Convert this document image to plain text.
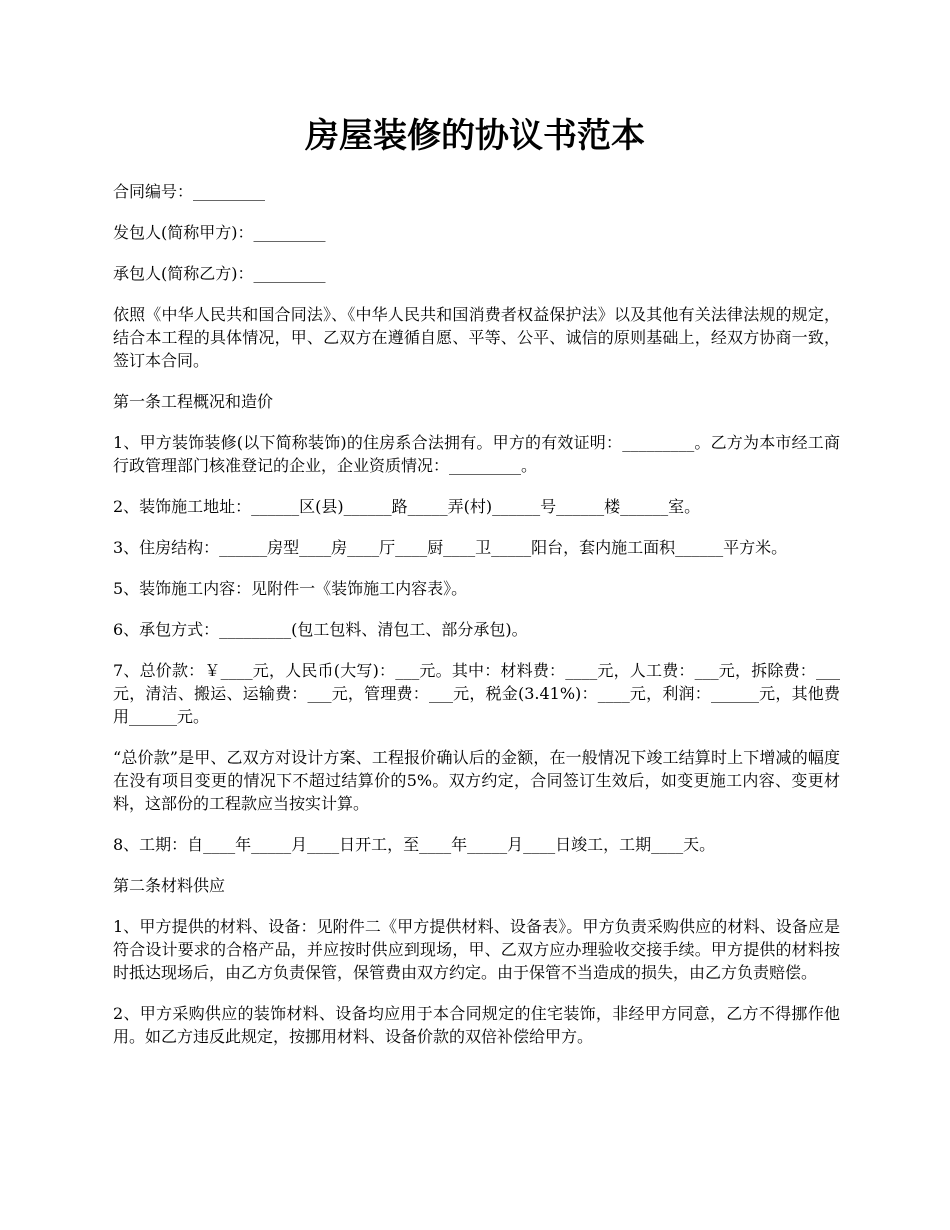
房屋装修的协议书范本

合同编号：_________

发包人(简称甲方)：_________

承包人(简称乙方)：_________

依照《中华人民共和国合同法》、《中华人民共和国消费者权益保护法》以及其他有关法律法规的规定，结合本工程的具体情况，甲、乙双方在遵循自愿、平等、公平、诚信的原则基础上，经双方协商一致，签订本合同。

第一条工程概况和造价

1、甲方装饰装修(以下简称装饰)的住房系合法拥有。甲方的有效证明：_________。乙方为本市经工商行政管理部门核准登记的企业，企业资质情况：_________。

2、装饰施工地址：______区(县)______路_____弄(村)______号______楼______室。

3、住房结构：______房型____房____厅____厨____卫_____阳台，套内施工面积______平方米。

5、装饰施工内容：见附件一《装饰施工内容表》。

6、承包方式：_________(包工包料、清包工、部分承包)。

7、总价款：￥____元，人民币(大写)：___元。其中：材料费：____元，人工费：___元，拆除费：___元，清洁、搬运、运输费：___元，管理费：___元，税金(3.41%)：____元，利润：______元，其他费用______元。

“总价款”是甲、乙双方对设计方案、工程报价确认后的金额，在一般情况下竣工结算时上下增减的幅度在没有项目变更的情况下不超过结算价的5%。双方约定，合同签订生效后，如变更施工内容、变更材料，这部份的工程款应当按实计算。

8、工期：自____年_____月____日开工，至____年_____月____日竣工，工期____天。

第二条材料供应

1、甲方提供的材料、设备：见附件二《甲方提供材料、设备表》。甲方负责采购供应的材料、设备应是符合设计要求的合格产品，并应按时供应到现场，甲、乙双方应办理验收交接手续。甲方提供的材料按时抵达现场后，由乙方负责保管，保管费由双方约定。由于保管不当造成的损失，由乙方负责赔偿。

2、甲方采购供应的装饰材料、设备均应用于本合同规定的住宅装饰，非经甲方同意，乙方不得挪作他用。如乙方违反此规定，按挪用材料、设备价款的双倍补偿给甲方。
